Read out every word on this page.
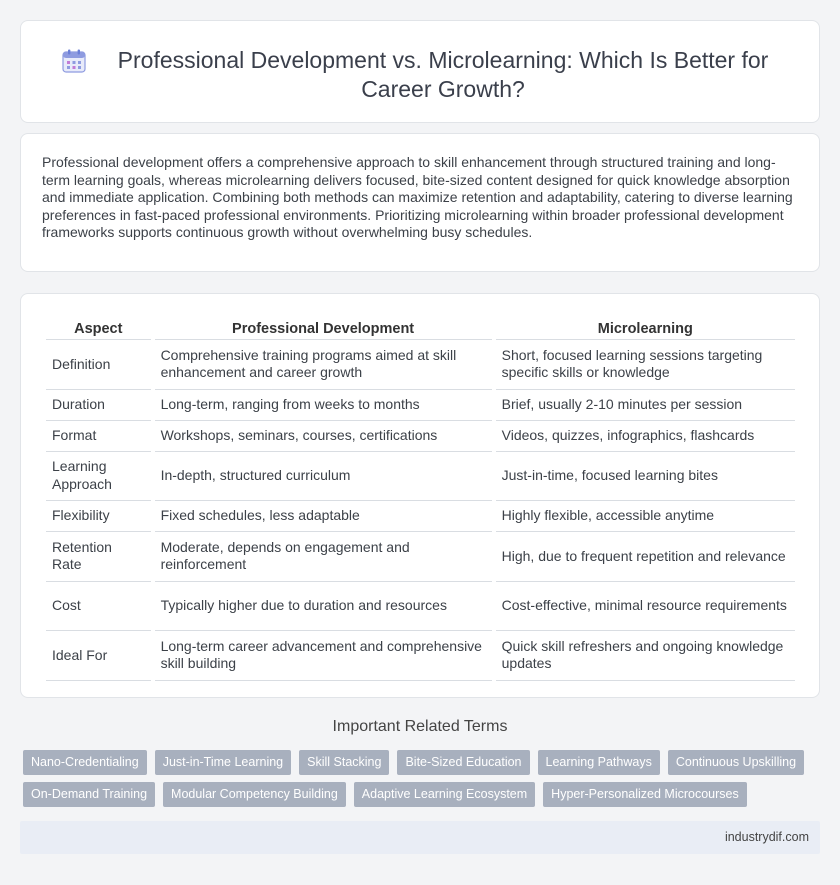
Professional Development vs. Microlearning: Which Is Better for Career Growth?

Professional development offers a comprehensive approach to skill enhancement through structured training and long-term learning goals, whereas microlearning delivers focused, bite-sized content designed for quick knowledge absorption and immediate application. Combining both methods can maximize retention and adaptability, catering to diverse learning preferences in fast-paced professional environments. Prioritizing microlearning within broader professional development frameworks supports continuous growth without overwhelming busy schedules.

Aspect	Professional Development	Microlearning
Definition	Comprehensive training programs aimed at skill enhancement and career growth	Short, focused learning sessions targeting specific skills or knowledge
Duration	Long-term, ranging from weeks to months	Brief, usually 2-10 minutes per session
Format	Workshops, seminars, courses, certifications	Videos, quizzes, infographics, flashcards
Learning Approach	In-depth, structured curriculum	Just-in-time, focused learning bites
Flexibility	Fixed schedules, less adaptable	Highly flexible, accessible anytime
Retention Rate	Moderate, depends on engagement and reinforcement	High, due to frequent repetition and relevance
Cost	Typically higher due to duration and resources	Cost-effective, minimal resource requirements
Ideal For	Long-term career advancement and comprehensive skill building	Quick skill refreshers and ongoing knowledge updates
Important Related Terms
Nano-Credentialing	Just-in-Time Learning	Skill Stacking	Bite-Sized Education	Learning Pathways	Continuous Upskilling
On-Demand Training	Modular Competency Building	Adaptive Learning Ecosystem	Hyper-Personalized Microcourses
industrydif.com
